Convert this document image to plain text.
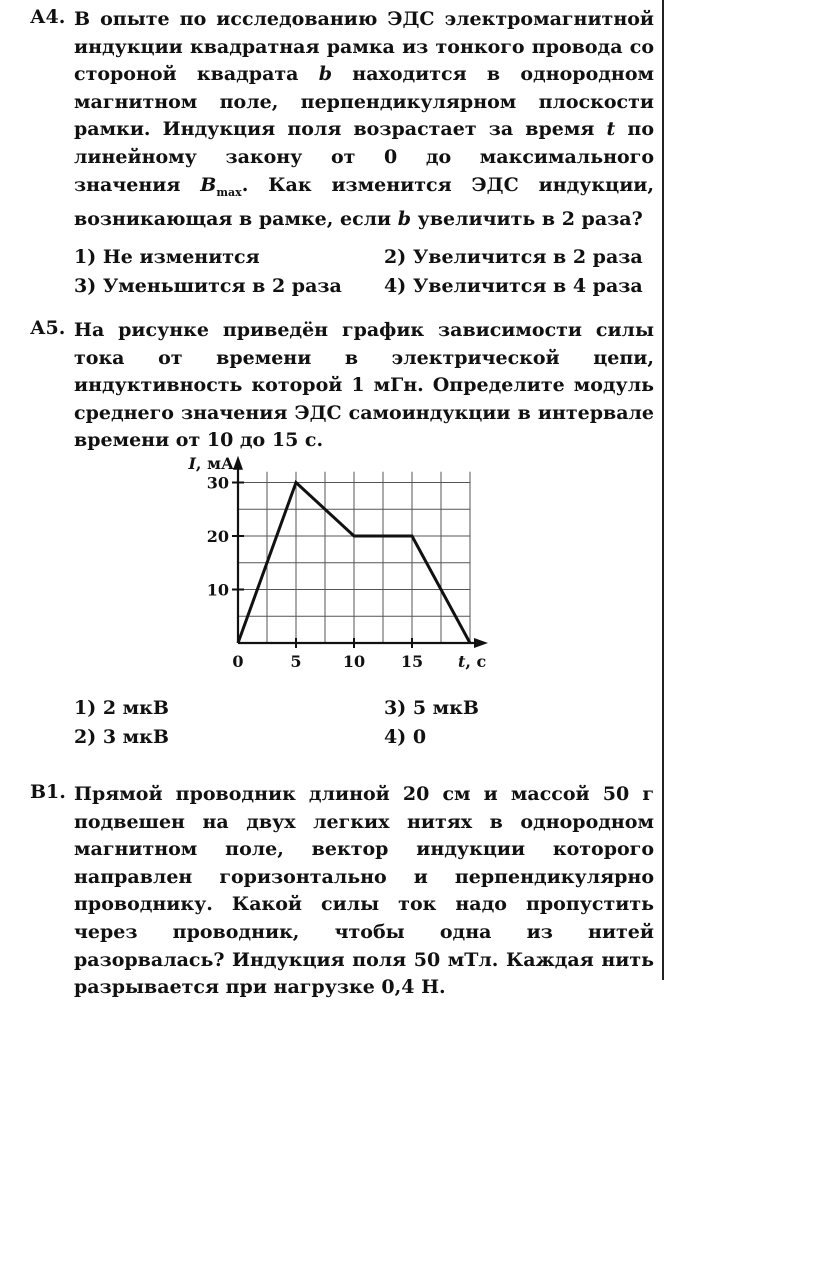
А4. В опыте по исследованию ЭДС электромагнитной индукции квадратная рамка из тонкого провода со стороной квадрата b находится в однородном магнитном поле, перпендикулярном плоскости рамки. Индукция поля возрастает за время t по линейному закону от 0 до максимального значения $B_{max}$. Как изменится ЭДС индукции, возникающая в рамке, если b увеличить в 2 раза?
1) Не изменится	2) Увеличится в 2 раза
3) Уменьшится в 2 раза	4) Увеличится в 4 раза
А5. На рисунке приведён график зависимости силы тока от времени в электрической цепи, индуктивность которой 1 мГн. Определите модуль среднего значения ЭДС самоиндукции в интервале времени от 10 до 15 с.
10
20
30
0	5	10 15
I, мА
t, с
1) 2 мкВ	3) 5 мкВ
2) 3 мкВ	4) 0
В1. Прямой проводник длиной 20 см и массой 50 г подвешен на двух легких нитях в однородном магнитном поле, вектор индукции которого направлен горизонтально и перпендикулярно проводнику. Какой силы ток надо пропустить через проводник, чтобы одна из нитей разорвалась? Индукция поля 50 мТл. Каждая нить разрывается при нагрузке 0,4 Н.
